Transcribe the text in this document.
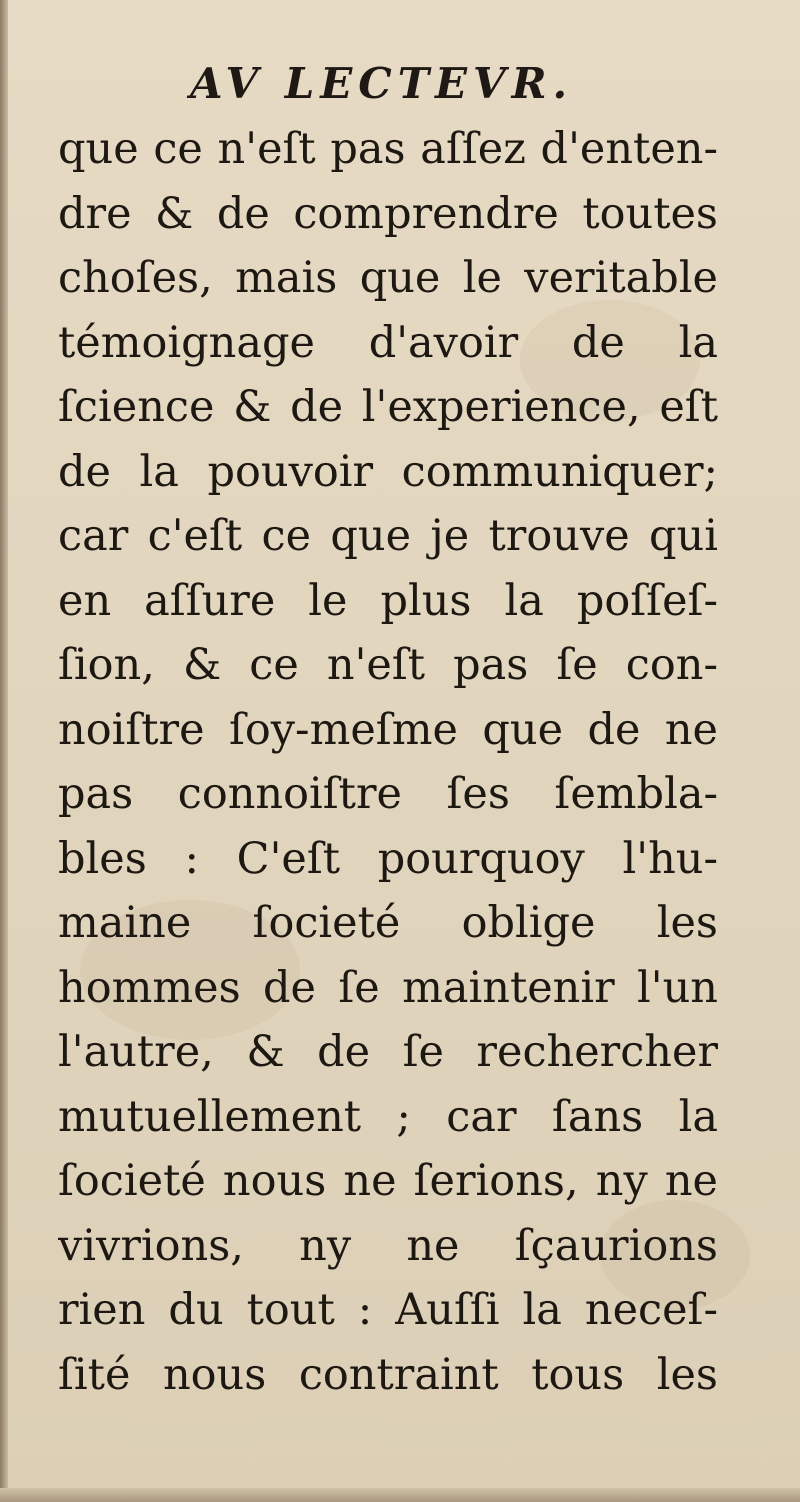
AV LECTEVR.
que ce n'eſt pas aſſez d'enten-
dre & de comprendre toutes
choſes, mais que le veritable
témoignage d'avoir de la
ſcience & de l'experience, eſt
de la pouvoir communiquer;
car c'eſt ce que je trouve qui
en aſſure le plus la poſſeſ-
ſion, & ce n'eſt pas ſe con-
noiſtre ſoy-meſme que de ne
pas connoiſtre ſes ſembla-
bles : C'eſt pourquoy l'hu-
maine ſocieté oblige les
hommes de ſe maintenir l'un
l'autre, & de ſe rechercher
mutuellement ; car ſans la
ſocieté nous ne ſerions, ny ne
vivrions, ny ne ſçaurions
rien du tout : Auſſi la neceſ-
ſité nous contraint tous les
